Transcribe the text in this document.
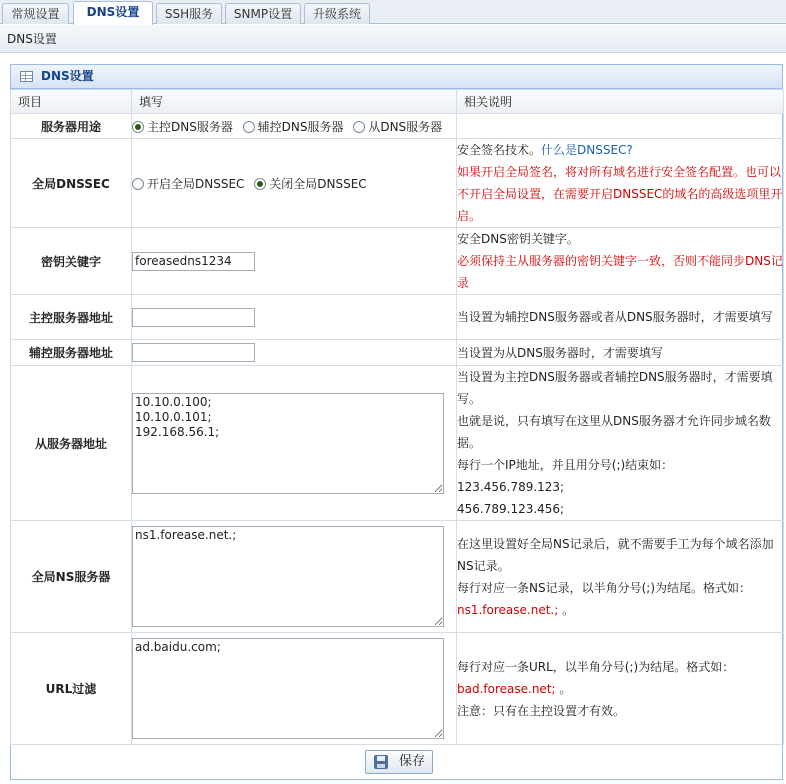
常规设置	DNS设置	SSH服务	SNMP设置	升级系统
DNS设置
DNS设置
项目	填写	相关说明
服务器用途	主控DNS服务器 辅控DNS服务器 从DNS服务器	
全局DNSSEC	开启全局DNSSEC 关闭全局DNSSEC	安全签名技术。什么是DNSSEC?
如果开启全局签名，将对所有域名进行安全签名配置。也可以不开启全局设置，在需要开启DNSSEC的域名的高级选项里开启。

密钥关键字	foreasedns1234	安全DNS密钥关键字。
必须保持主从服务器的密钥关键字一致，否则不能同步DNS记录

主控服务器地址		当设置为辅控DNS服务器或者从DNS服务器时，才需要填写
辅控服务器地址		当设置为从DNS服务器时，才需要填写
从服务器地址	10.10.0.100; 10.10.0.101; 192.168.56.1;	当设置为主控DNS服务器或者辅控DNS服务器时，才需要填写。
也就是说，只有填写在这里从DNS服务器才允许同步域名数据。
每行一个IP地址，并且用分号(;)结束如：
123.456.789.123;
456.789.123.456;

全局NS服务器	ns1.forease.net.;	在这里设置好全局NS记录后，就不需要手工为每个域名添加NS记录。
每行对应一条NS记录，以半角分号(;)为结尾。格式如：
ns1.forease.net.; 。

URL过滤	ad.baidu.com;	每行对应一条URL，以半角分号(;)为结尾。格式如：
bad.forease.net; 。
注意：只有在主控设置才有效。
保存
